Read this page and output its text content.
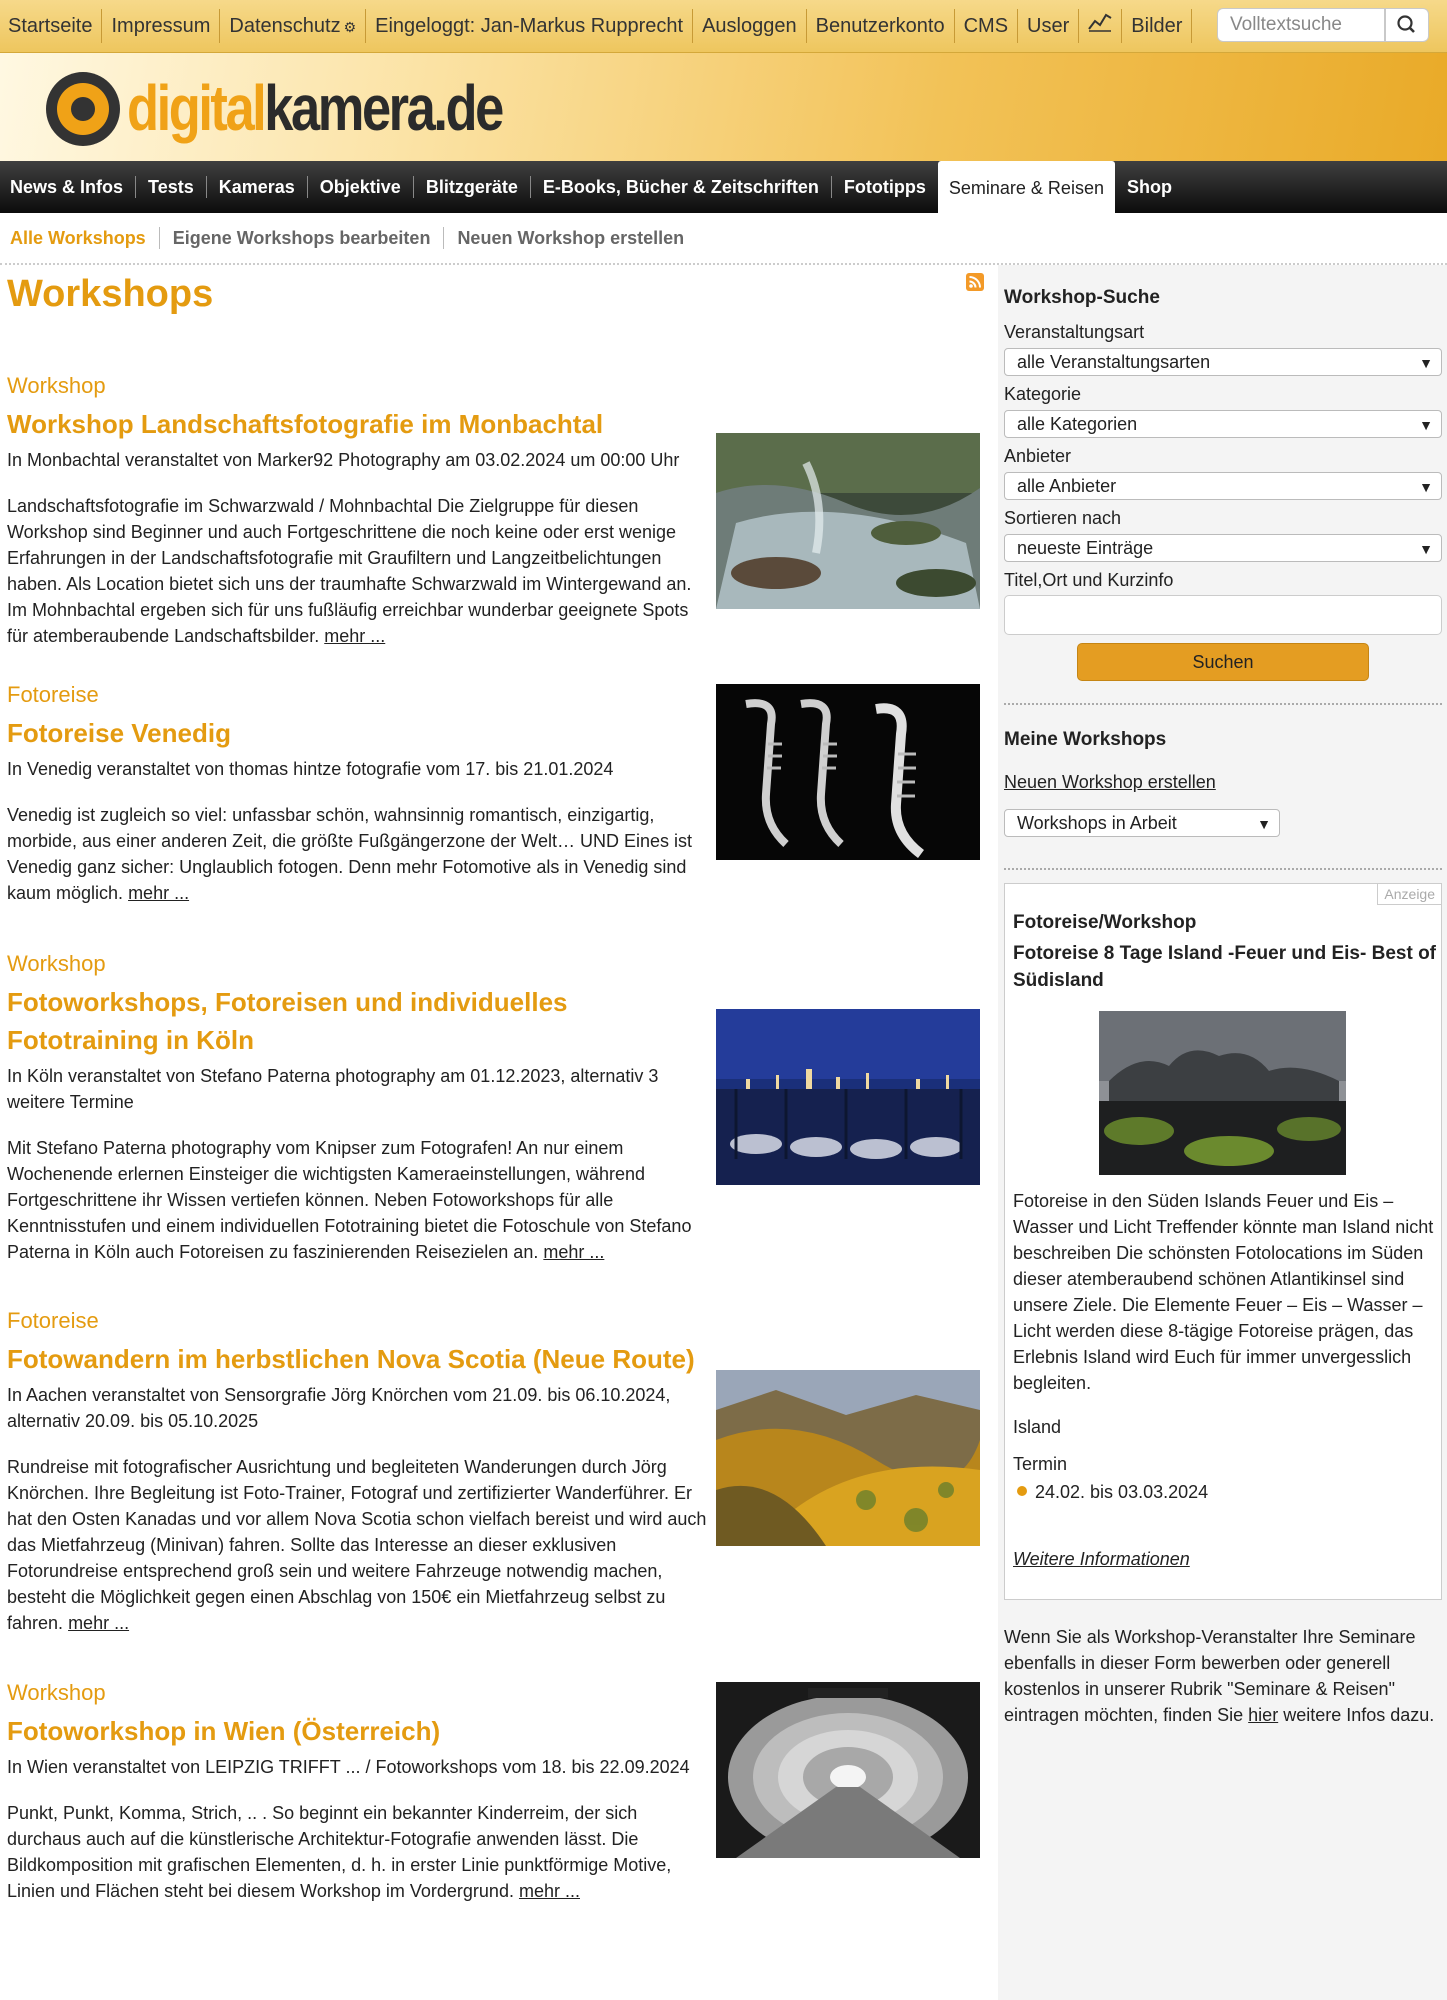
Startseite Impressum Datenschutz ⚙ Eingeloggt: Jan-Markus Rupprecht Ausloggen Benutzerkonto CMS User	Bilder	Volltextsuche
digitalkamera.de
News & Infos	Tests	Kameras	Objektive	Blitzgeräte	E-Books, Bücher & Zeitschriften	Fototipps	Seminare & Reisen	Shop
Alle Workshops	Eigene Workshops bearbeiten	Neuen Workshop erstellen
Workshops
Workshop
Workshop Landschaftsfotografie im Monbachtal
In Monbachtal veranstaltet von Marker92 Photography am 03.02.2024 um 00:00 Uhr
Landschaftsfotografie im Schwarzwald / Mohnbachtal Die Zielgruppe für diesen Workshop sind Beginner und auch Fortgeschrittene die noch keine oder erst wenige Erfahrungen in der Landschaftsfotografie mit Graufiltern und Langzeitbelichtungen haben. Als Location bietet sich uns der traumhafte Schwarzwald im Wintergewand an. Im Mohnbachtal ergeben sich für uns fußläufig erreichbar wunderbar geeignete Spots für atemberaubende Landschaftsbilder. mehr ...
Fotoreise
Fotoreise Venedig
In Venedig veranstaltet von thomas hintze fotografie vom 17. bis 21.01.2024
Venedig ist zugleich so viel: unfassbar schön, wahnsinnig romantisch, einzigartig, morbide, aus einer anderen Zeit, die größte Fußgängerzone der Welt… UND Eines ist Venedig ganz sicher: Unglaublich fotogen. Denn mehr Fotomotive als in Venedig sind kaum möglich. mehr ...
Workshop
Fotoworkshops, Fotoreisen und individuelles Fototraining in Köln
In Köln veranstaltet von Stefano Paterna photography am 01.12.2023, alternativ 3 weitere Termine
Mit Stefano Paterna photography vom Knipser zum Fotografen! An nur einem Wochenende erlernen Einsteiger die wichtigsten Kameraeinstellungen, während Fortgeschrittene ihr Wissen vertiefen können. Neben Fotoworkshops für alle Kenntnisstufen und einem individuellen Fototraining bietet die Fotoschule von Stefano Paterna in Köln auch Fotoreisen zu faszinierenden Reisezielen an. mehr ...
Fotoreise
Fotowandern im herbstlichen Nova Scotia (Neue Route)
In Aachen veranstaltet von Sensorgrafie Jörg Knörchen vom 21.09. bis 06.10.2024, alternativ 20.09. bis 05.10.2025
Rundreise mit fotografischer Ausrichtung und begleiteten Wanderungen durch Jörg Knörchen. Ihre Begleitung ist Foto-Trainer, Fotograf und zertifizierter Wanderführer. Er hat den Osten Kanadas und vor allem Nova Scotia schon vielfach bereist und wird auch das Mietfahrzeug (Minivan) fahren. Sollte das Interesse an dieser exklusiven Fotorundreise entsprechend groß sein und weitere Fahrzeuge notwendig machen, besteht die Möglichkeit gegen einen Abschlag von 150€ ein Mietfahrzeug selbst zu fahren. mehr ...
Workshop
Fotoworkshop in Wien (Österreich)
In Wien veranstaltet von LEIPZIG TRIFFT ... / Fotoworkshops vom 18. bis 22.09.2024
Punkt, Punkt, Komma, Strich, .. . So beginnt ein bekannter Kinderreim, der sich durchaus auch auf die künstlerische Architektur-Fotografie anwenden lässt. Die Bildkomposition mit grafischen Elementen, d. h. in erster Linie punktförmige Motive, Linien und Flächen steht bei diesem Workshop im Vordergrund. mehr ...
Workshop-Suche
Veranstaltungsart
alle Veranstaltungsarten	▼
Kategorie
alle Kategorien	▼
Anbieter
alle Anbieter	▼
Sortieren nach
neueste Einträge	▼
Titel,Ort und Kurzinfo
Suchen
Meine Workshops
Neuen Workshop erstellen
Workshops in Arbeit	▼
Anzeige
Fotoreise/Workshop
Fotoreise 8 Tage Island -Feuer und Eis- Best of Südisland
Fotoreise in den Süden Islands Feuer und Eis – Wasser und Licht Treffender könnte man Island nicht beschreiben Die schönsten Fotolocations im Süden dieser atemberaubend schönen Atlantikinsel sind unsere Ziele. Die Elemente Feuer – Eis – Wasser – Licht werden diese 8-tägige Fotoreise prägen, das Erlebnis Island wird Euch für immer unvergesslich begleiten.
Island
Termin
24.02. bis 03.03.2024
Weitere Informationen
Wenn Sie als Workshop-Veranstalter Ihre Seminare ebenfalls in dieser Form bewerben oder generell kostenlos in unserer Rubrik "Seminare & Reisen" eintragen möchten, finden Sie hier weitere Infos dazu.
